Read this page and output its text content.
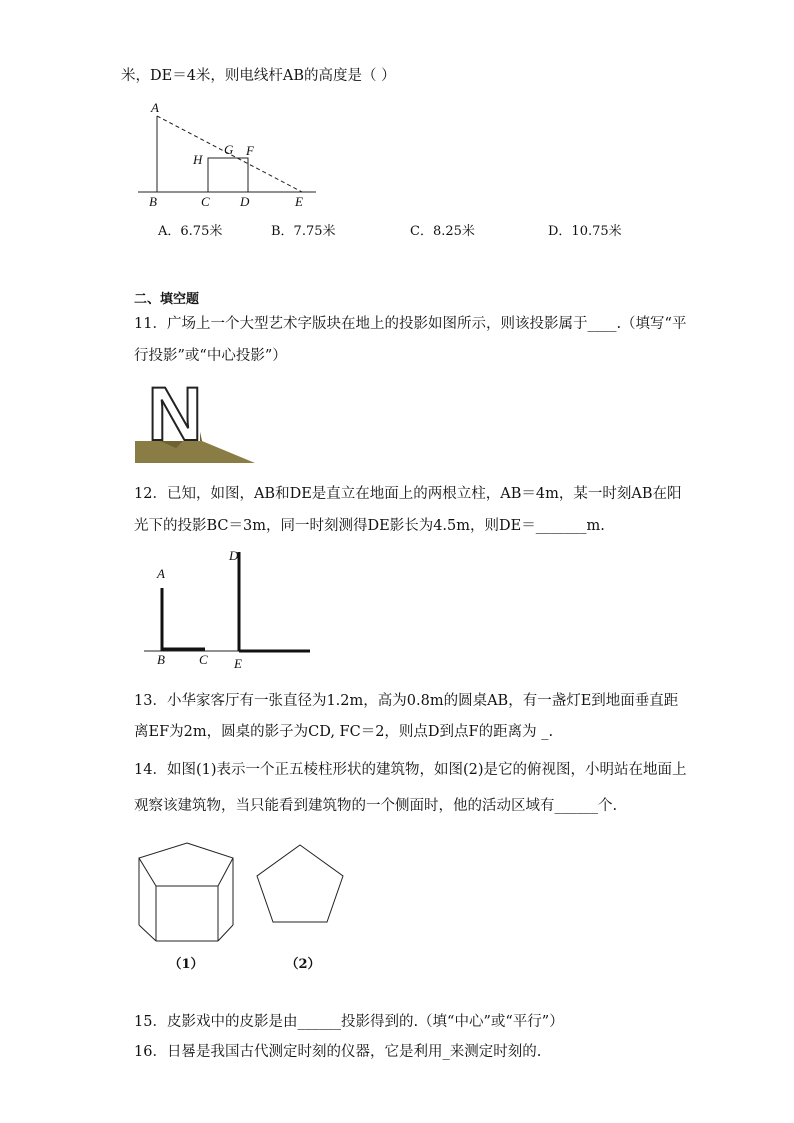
米，DE＝4米，则电线杆AB的高度是（ ）
A
B	C D	E
F
G
H
A．6.75米	B．7.75米	C．8.25米	D．10.75米
二、填空题
11．广场上一个大型艺术字版块在地上的投影如图所示，则该投影属于____.（填写“平
行投影”或“中心投影”）
N
12．已知，如图，AB和DE是直立在地面上的两根立柱，AB＝4m，某一时刻AB在阳
光下的投影BC＝3m，同一时刻测得DE影长为4.5m，则DE＝_______m.
A
B	C
D
E
13．小华家客厅有一张直径为1.2m，高为0.8m的圆桌AB，有一盏灯E到地面垂直距
离EF为2m，圆桌的影子为CD, FC＝2，则点D到点F的距离为 _.
14．如图(1)表示一个正五棱柱形状的建筑物，如图(2)是它的俯视图，小明站在地面上
观察该建筑物，当只能看到建筑物的一个侧面时，他的活动区域有______个.
（1）	（2）
15．皮影戏中的皮影是由______投影得到的.（填“中心”或“平行”）
16．日晷是我国古代测定时刻的仪器，它是利用_来测定时刻的.
